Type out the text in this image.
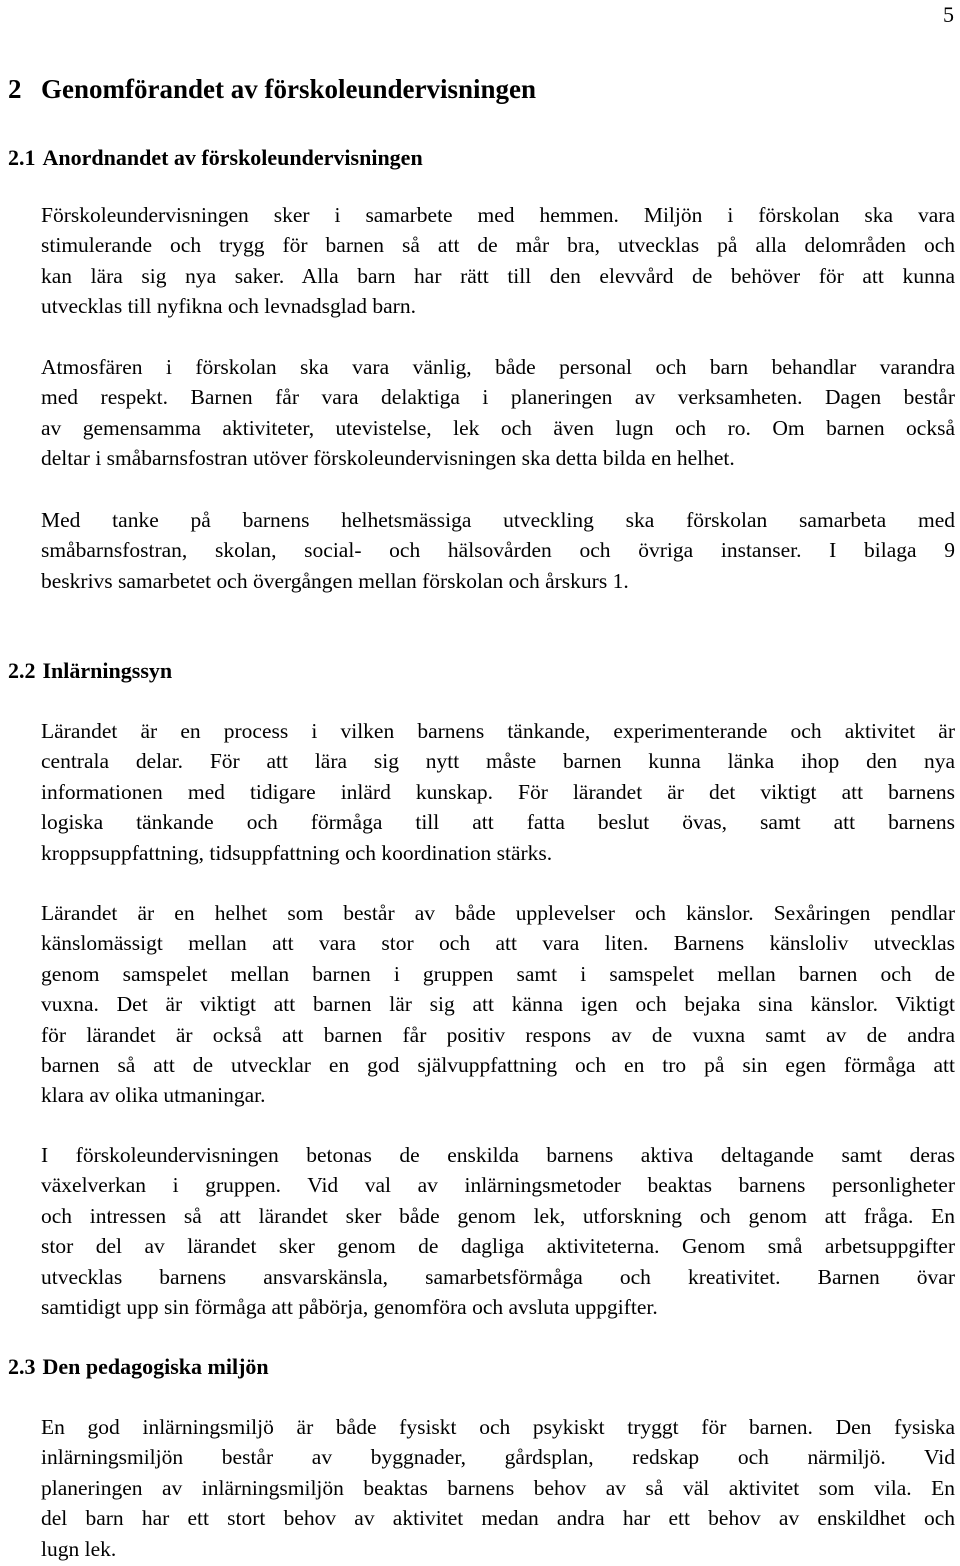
5
2 Genomförandet av förskoleundervisningen
2.1 Anordnandet av förskoleundervisningen
Förskoleundervisningen sker i samarbete med hemmen. Miljön i förskolan ska vara
stimulerande och trygg för barnen så att de mår bra, utvecklas på alla delområden och
kan lära sig nya saker. Alla barn har rätt till den elevvård de behöver för att kunna
utvecklas till nyfikna och levnadsglad barn.
Atmosfären i förskolan ska vara vänlig, både personal och barn behandlar varandra
med respekt. Barnen får vara delaktiga i planeringen av verksamheten. Dagen består
av gemensamma aktiviteter, utevistelse, lek och även lugn och ro. Om barnen också
deltar i småbarnsfostran utöver förskoleundervisningen ska detta bilda en helhet.
Med tanke på barnens helhetsmässiga utveckling ska förskolan samarbeta med
småbarnsfostran, skolan, social- och hälsovården och övriga instanser. I bilaga 9
beskrivs samarbetet och övergången mellan förskolan och årskurs 1.
2.2 Inlärningssyn
Lärandet är en process i vilken barnens tänkande, experimenterande och aktivitet är
centrala delar. För att lära sig nytt måste barnen kunna länka ihop den nya
informationen med tidigare inlärd kunskap. För lärandet är det viktigt att barnens
logiska tänkande och förmåga till att fatta beslut övas, samt att barnens
kroppsuppfattning, tidsuppfattning och koordination stärks.
Lärandet är en helhet som består av både upplevelser och känslor. Sexåringen pendlar
känslomässigt mellan att vara stor och att vara liten. Barnens känsloliv utvecklas
genom samspelet mellan barnen i gruppen samt i samspelet mellan barnen och de
vuxna. Det är viktigt att barnen lär sig att känna igen och bejaka sina känslor. Viktigt
för lärandet är också att barnen får positiv respons av de vuxna samt av de andra
barnen så att de utvecklar en god självuppfattning och en tro på sin egen förmåga att
klara av olika utmaningar.
I förskoleundervisningen betonas de enskilda barnens aktiva deltagande samt deras
växelverkan i gruppen. Vid val av inlärningsmetoder beaktas barnens personligheter
och intressen så att lärandet sker både genom lek, utforskning och genom att fråga. En
stor del av lärandet sker genom de dagliga aktiviteterna. Genom små arbetsuppgifter
utvecklas barnens ansvarskänsla, samarbetsförmåga och kreativitet. Barnen övar
samtidigt upp sin förmåga att påbörja, genomföra och avsluta uppgifter.
2.3 Den pedagogiska miljön
En god inlärningsmiljö är både fysiskt och psykiskt tryggt för barnen. Den fysiska
inlärningsmiljön består av byggnader, gårdsplan, redskap och närmiljö. Vid
planeringen av inlärningsmiljön beaktas barnens behov av så väl aktivitet som vila. En
del barn har ett stort behov av aktivitet medan andra har ett behov av enskildhet och
lugn lek.
